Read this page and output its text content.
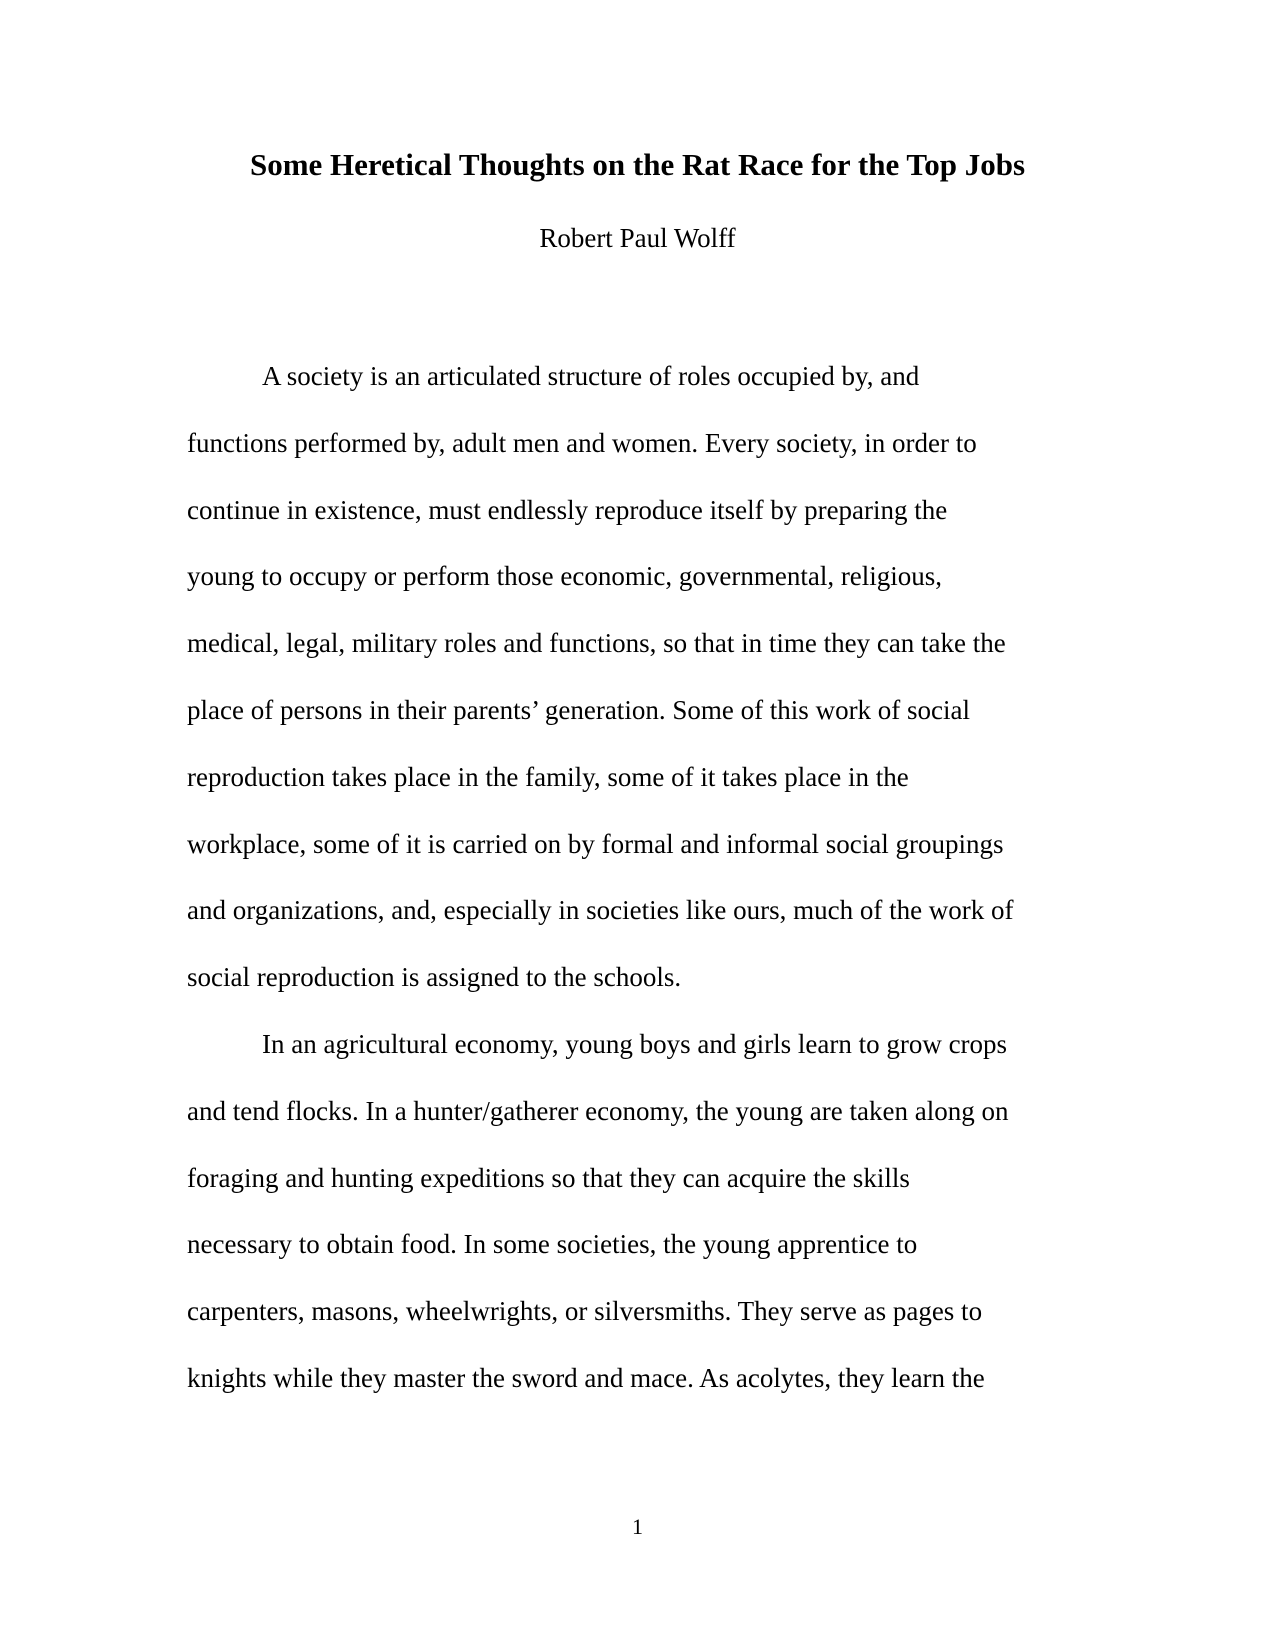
Some Heretical Thoughts on the Rat Race for the Top Jobs

Robert Paul Wolff

A society is an articulated structure of roles occupied by, and
functions performed by, adult men and women. Every society, in order to
continue in existence, must endlessly reproduce itself by preparing the
young to occupy or perform those economic, governmental, religious,
medical, legal, military roles and functions, so that in time they can take the
place of persons in their parents’ generation. Some of this work of social
reproduction takes place in the family, some of it takes place in the
workplace, some of it is carried on by formal and informal social groupings
and organizations, and, especially in societies like ours, much of the work of
social reproduction is assigned to the schools.
In an agricultural economy, young boys and girls learn to grow crops
and tend flocks. In a hunter/gatherer economy, the young are taken along on
foraging and hunting expeditions so that they can acquire the skills
necessary to obtain food. In some societies, the young apprentice to
carpenters, masons, wheelwrights, or silversmiths. They serve as pages to
knights while they master the sword and mace. As acolytes, they learn the

1
